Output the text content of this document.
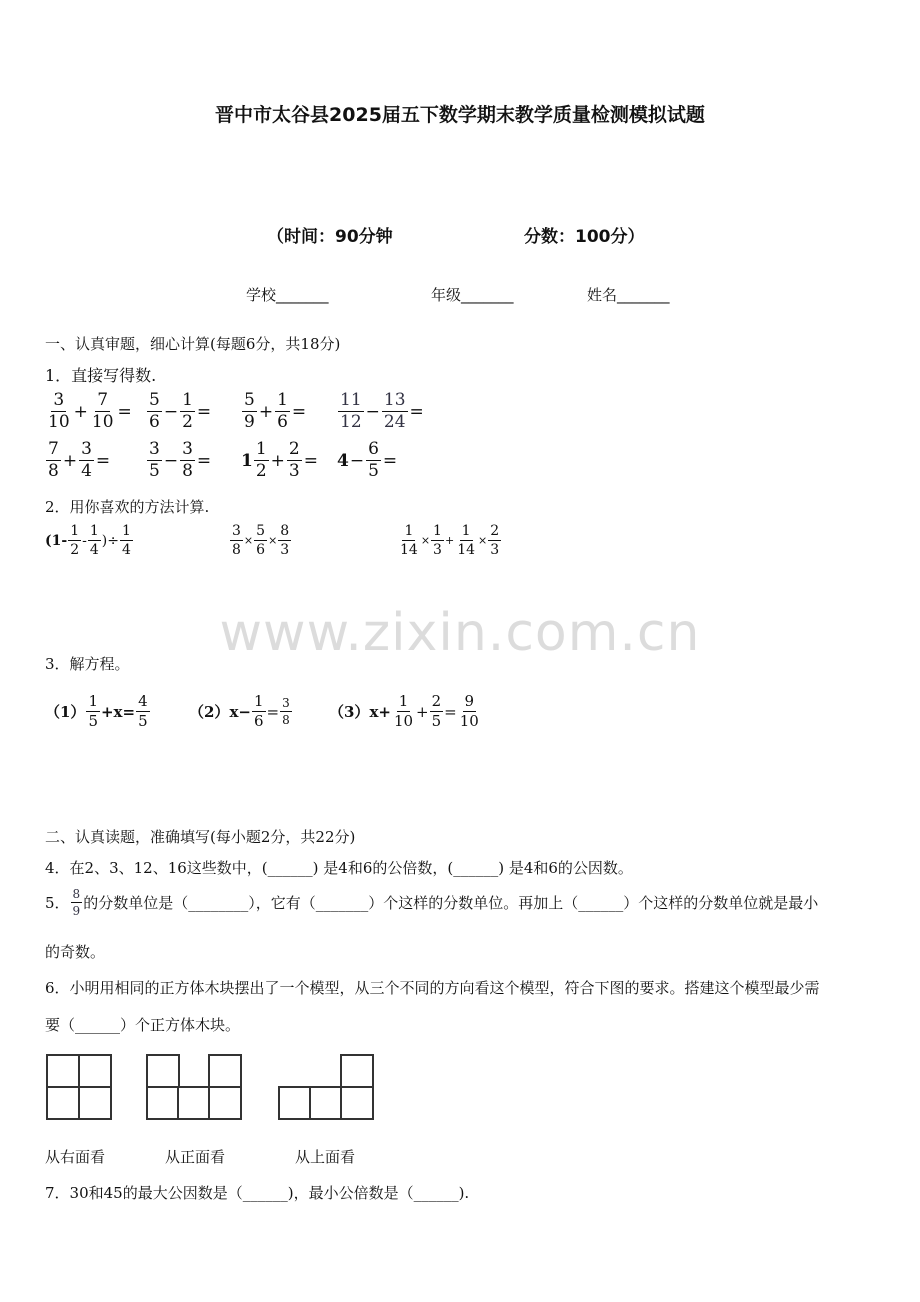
晋中市太谷县2025届五下数学期末教学质量检测模拟试题
（时间：90分钟	分数：100分）
学校_______	年级_______	姓名_______
一、认真审题，细心计算(每题6分，共18分)
1．直接写得数.
$\frac{3}{10} + \frac{7}{10} = \frac{5}{6} - \frac{1}{2} = \frac{5}{9} + \frac{1}{6} = \frac{11}{12} - \frac{13}{24}$ =
$\frac{7}{8} + \frac{3}{4} = \frac{3}{5} - \frac{3}{8} = 1 \frac{1}{2} + \frac{2}{3} = 4 - \frac{6}{5}$ =
2．用你喜欢的方法计算.
($1- \frac{1}{2} - \frac{1}{4}$ )÷ $\frac{1}{4}$	$\frac{3}{8} \times \frac{5}{6} \times \frac{8}{3}$	$\frac{1}{14} \times \frac{1}{3} + \frac{1}{14} \times \frac{2}{3}$
www.zixin.com.cn
3．解方程。
$(1) \frac{1}{5} +x= \frac{4}{5}$	（2） $x- \frac{1}{6} = \frac{3}{8} (3)$ $x+ \frac{1}{10} + \frac{2}{5} = \frac{9}{10}$
二、认真读题，准确填写(每小题2分，共22分)
4．在2、3、12、16这些数中，(______) 是4和6的公倍数，(______) 是4和6的公因数。
5． $\frac{8}{9}$ 的分数单位是（________），它有（_______）个这样的分数单位。再加上（______）个这样的分数单位就是最小
的奇数。
6．小明用相同的正方体木块摆出了一个模型，从三个不同的方向看这个模型，符合下图的要求。搭建这个模型最少需
要（______）个正方体木块。
从右面看	从正面看	从上面看
7．30和45的最大公因数是（______)，最小公倍数是（______).
